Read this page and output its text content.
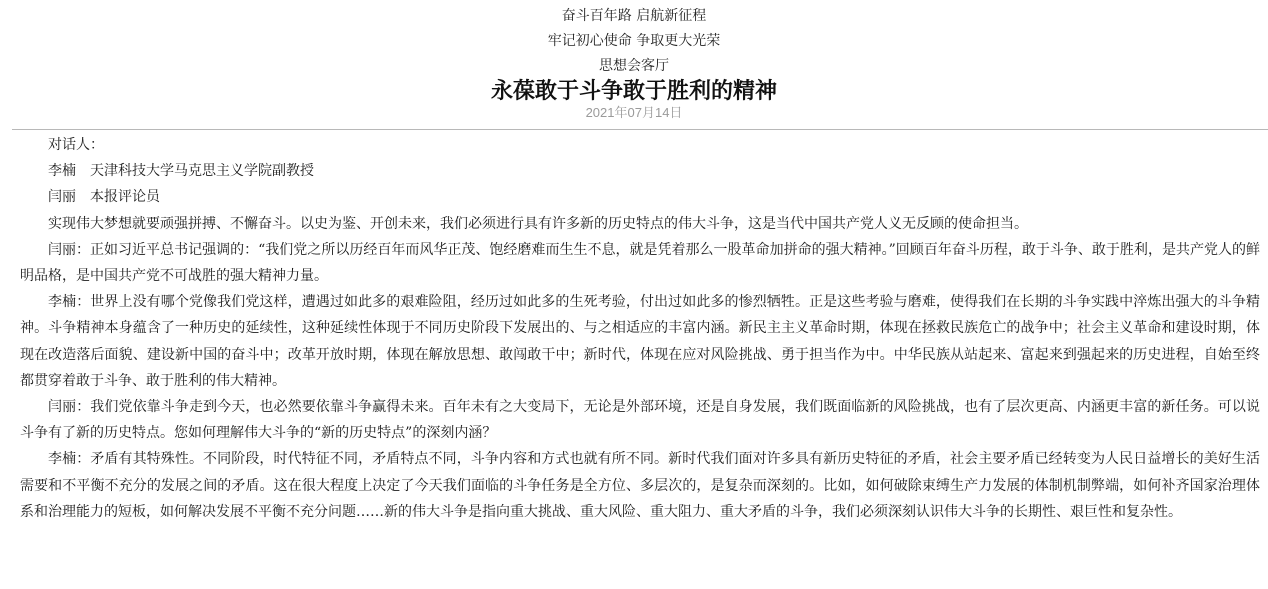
奋斗百年路 启航新征程
牢记初心使命 争取更大光荣
思想会客厅
永葆敢于斗争敢于胜利的精神
2021年07月14日

对话人：

李楠　天津科技大学马克思主义学院副教授

闫丽　本报评论员

实现伟大梦想就要顽强拼搏、不懈奋斗。以史为鉴、开创未来，我们必须进行具有许多新的历史特点的伟大斗争，这是当代中国共产党人义无反顾的使命担当。

闫丽：正如习近平总书记强调的：“我们党之所以历经百年而风华正茂、饱经磨难而生生不息，就是凭着那么一股革命加拼命的强大精神。”回顾百年奋斗历程，敢于斗争、敢于胜利，是共产党人的鲜明品格，是中国共产党不可战胜的强大精神力量。

李楠：世界上没有哪个党像我们党这样，遭遇过如此多的艰难险阻，经历过如此多的生死考验，付出过如此多的惨烈牺牲。正是这些考验与磨难，使得我们在长期的斗争实践中淬炼出强大的斗争精神。斗争精神本身蕴含了一种历史的延续性，这种延续性体现于不同历史阶段下发展出的、与之相适应的丰富内涵。新民主主义革命时期，体现在拯救民族危亡的战争中；社会主义革命和建设时期，体现在改造落后面貌、建设新中国的奋斗中；改革开放时期，体现在解放思想、敢闯敢干中；新时代，体现在应对风险挑战、勇于担当作为中。中华民族从站起来、富起来到强起来的历史进程，自始至终都贯穿着敢于斗争、敢于胜利的伟大精神。

闫丽：我们党依靠斗争走到今天，也必然要依靠斗争赢得未来。百年未有之大变局下，无论是外部环境，还是自身发展，我们既面临新的风险挑战，也有了层次更高、内涵更丰富的新任务。可以说斗争有了新的历史特点。您如何理解伟大斗争的“新的历史特点”的深刻内涵？

李楠：矛盾有其特殊性。不同阶段，时代特征不同，矛盾特点不同，斗争内容和方式也就有所不同。新时代我们面对许多具有新历史特征的矛盾，社会主要矛盾已经转变为人民日益增长的美好生活需要和不平衡不充分的发展之间的矛盾。这在很大程度上决定了今天我们面临的斗争任务是全方位、多层次的，是复杂而深刻的。比如，如何破除束缚生产力发展的体制机制弊端，如何补齐国家治理体系和治理能力的短板，如何解决发展不平衡不充分问题……新的伟大斗争是指向重大挑战、重大风险、重大阻力、重大矛盾的斗争，我们必须深刻认识伟大斗争的长期性、艰巨性和复杂性。
